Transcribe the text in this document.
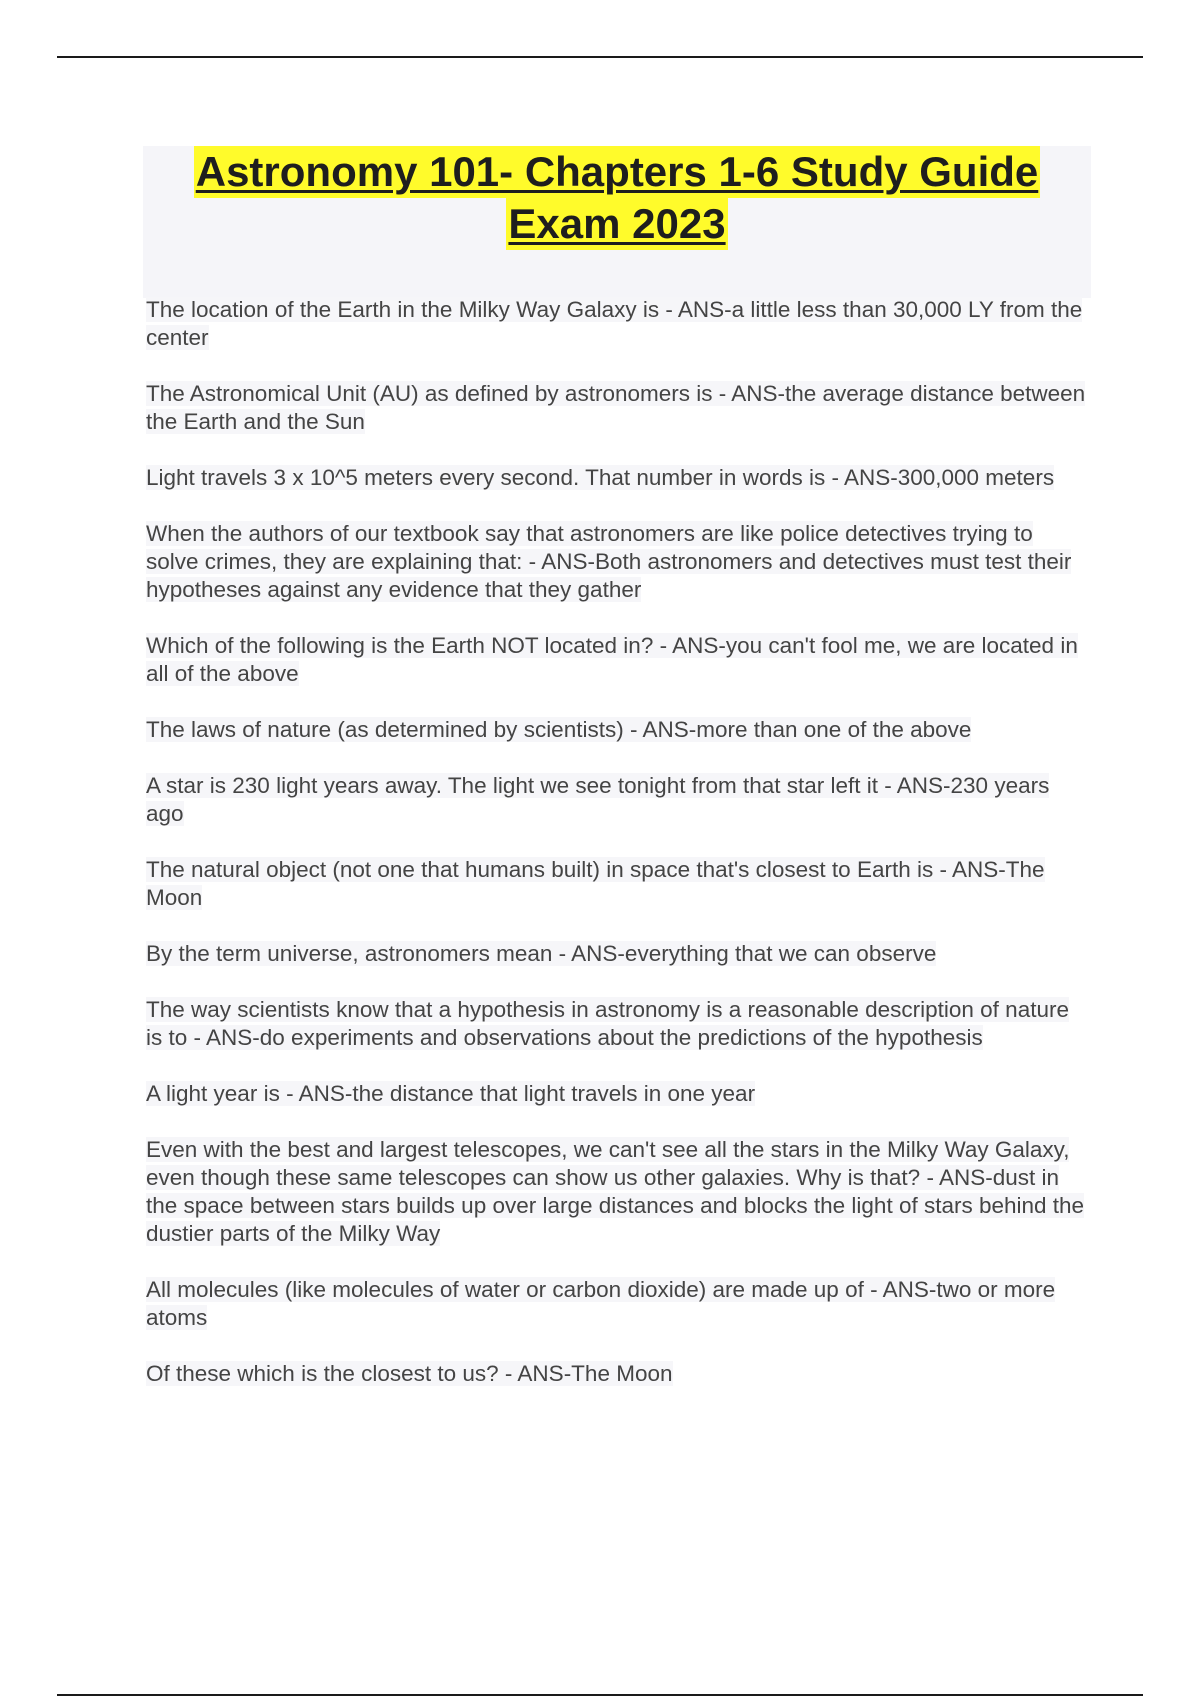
Astronomy 101- Chapters 1-6 Study Guide
Exam 2023
The location of the Earth in the Milky Way Galaxy is - ANS-a little less than 30,000 LY from the center
The Astronomical Unit (AU) as defined by astronomers is - ANS-the average distance between the Earth and the Sun
Light travels 3 x 10^5 meters every second. That number in words is - ANS-300,000 meters
When the authors of our textbook say that astronomers are like police detectives trying to solve crimes, they are explaining that: - ANS-Both astronomers and detectives must test their hypotheses against any evidence that they gather
Which of the following is the Earth NOT located in? - ANS-you can't fool me, we are located in all of the above
The laws of nature (as determined by scientists) - ANS-more than one of the above
A star is 230 light years away. The light we see tonight from that star left it - ANS-230 years ago
The natural object (not one that humans built) in space that's closest to Earth is - ANS-The Moon
By the term universe, astronomers mean - ANS-everything that we can observe
The way scientists know that a hypothesis in astronomy is a reasonable description of nature is to - ANS-do experiments and observations about the predictions of the hypothesis
A light year is - ANS-the distance that light travels in one year
Even with the best and largest telescopes, we can't see all the stars in the Milky Way Galaxy, even though these same telescopes can show us other galaxies. Why is that? - ANS-dust in the space between stars builds up over large distances and blocks the light of stars behind the dustier parts of the Milky Way
All molecules (like molecules of water or carbon dioxide) are made up of - ANS-two or more atoms
Of these which is the closest to us? - ANS-The Moon
